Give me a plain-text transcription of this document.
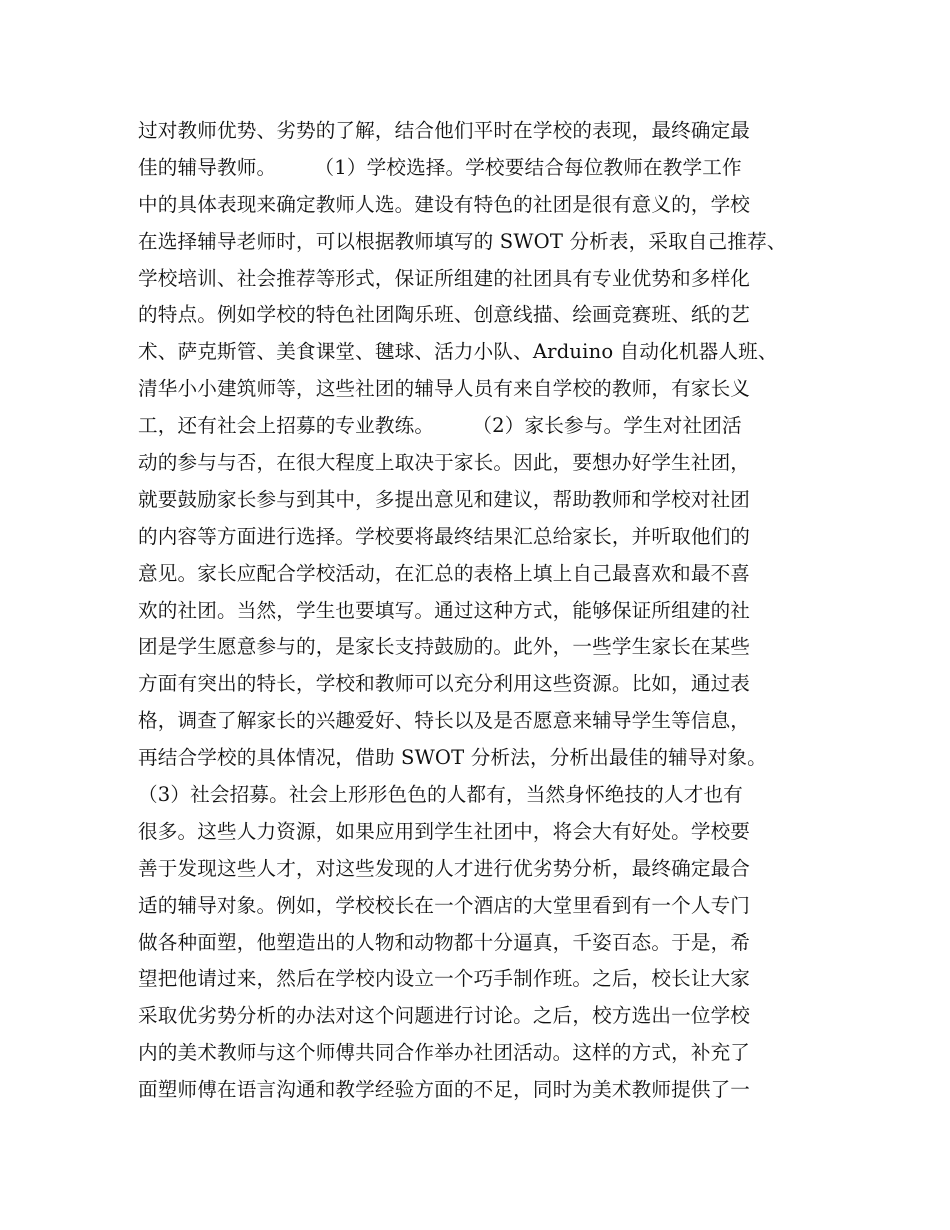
过对教师优势、劣势的了解，结合他们平时在学校的表现，最终确定最
佳的辅导教师。      （1）学校选择。学校要结合每位教师在教学工作
中的具体表现来确定教师人选。建设有特色的社团是很有意义的，学校
在选择辅导老师时，可以根据教师填写的 SWOT 分析表，采取自己推荐、
学校培训、社会推荐等形式，保证所组建的社团具有专业优势和多样化
的特点。例如学校的特色社团陶乐班、创意线描、绘画竞赛班、纸的艺
术、萨克斯管、美食课堂、毽球、活力小队、Arduino 自动化机器人班、
清华小小建筑师等，这些社团的辅导人员有来自学校的教师，有家长义
工，还有社会上招募的专业教练。      （2）家长参与。学生对社团活
动的参与与否，在很大程度上取决于家长。因此，要想办好学生社团，
就要鼓励家长参与到其中，多提出意见和建议，帮助教师和学校对社团
的内容等方面进行选择。学校要将最终结果汇总给家长，并听取他们的
意见。家长应配合学校活动，在汇总的表格上填上自己最喜欢和最不喜
欢的社团。当然，学生也要填写。通过这种方式，能够保证所组建的社
团是学生愿意参与的，是家长支持鼓励的。此外，一些学生家长在某些
方面有突出的特长，学校和教师可以充分利用这些资源。比如，通过表
格，调查了解家长的兴趣爱好、特长以及是否愿意来辅导学生等信息，
再结合学校的具体情况，借助 SWOT 分析法，分析出最佳的辅导对象。
（3）社会招募。社会上形形色色的人都有，当然身怀绝技的人才也有
很多。这些人力资源，如果应用到学生社团中，将会大有好处。学校要
善于发现这些人才，对这些发现的人才进行优劣势分析，最终确定最合
适的辅导对象。例如，学校校长在一个酒店的大堂里看到有一个人专门
做各种面塑，他塑造出的人物和动物都十分逼真，千姿百态。于是，希
望把他请过来，然后在学校内设立一个巧手制作班。之后，校长让大家
采取优劣势分析的办法对这个问题进行讨论。之后，校方选出一位学校
内的美术教师与这个师傅共同合作举办社团活动。这样的方式，补充了
面塑师傅在语言沟通和教学经验方面的不足，同时为美术教师提供了一
